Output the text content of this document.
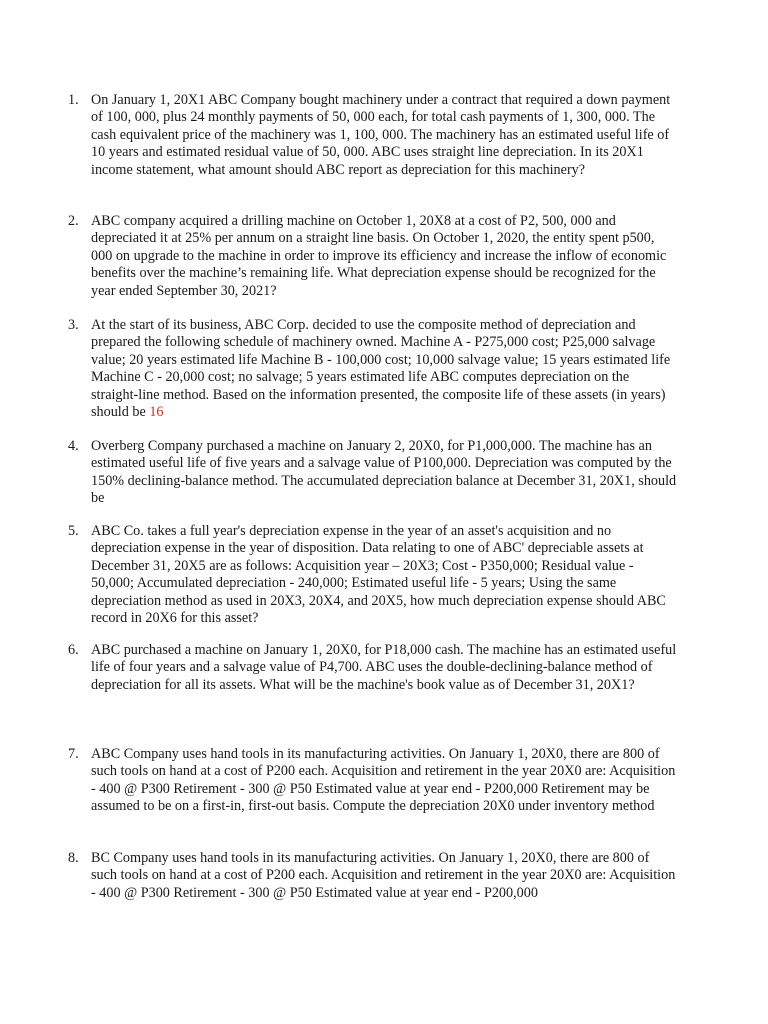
1. On January 1, 20X1 ABC Company bought machinery under a contract that required a down payment of 100, 000, plus 24 monthly payments of 50, 000 each, for total cash payments of 1, 300, 000. The cash equivalent price of the machinery was 1, 100, 000. The machinery has an estimated useful life of 10 years and estimated residual value of 50, 000. ABC uses straight line depreciation. In its 20X1 income statement, what amount should ABC report as depreciation for this machinery?
2. ABC company acquired a drilling machine on October 1, 20X8 at a cost of P2, 500, 000 and depreciated it at 25% per annum on a straight line basis. On October 1, 2020, the entity spent p500, 000 on upgrade to the machine in order to improve its efficiency and increase the inflow of economic benefits over the machine’s remaining life. What depreciation expense should be recognized for the year ended September 30, 2021?
3. At the start of its business, ABC Corp. decided to use the composite method of depreciation and prepared the following schedule of machinery owned. Machine A - P275,000 cost; P25,000 salvage value; 20 years estimated life Machine B - 100,000 cost; 10,000 salvage value; 15 years estimated life Machine C - 20,000 cost; no salvage; 5 years estimated life ABC computes depreciation on the straight-line method. Based on the information presented, the composite life of these assets (in years) should be 16
4. Overberg Company purchased a machine on January 2, 20X0, for P1,000,000. The machine has an estimated useful life of five years and a salvage value of P100,000. Depreciation was computed by the 150% declining-balance method. The accumulated depreciation balance at December 31, 20X1, should be
5. ABC Co. takes a full year's depreciation expense in the year of an asset's acquisition and no depreciation expense in the year of disposition. Data relating to one of ABC' depreciable assets at December 31, 20X5 are as follows: Acquisition year – 20X3; Cost - P350,000; Residual value - 50,000; Accumulated depreciation - 240,000; Estimated useful life - 5 years; Using the same depreciation method as used in 20X3, 20X4, and 20X5, how much depreciation expense should ABC record in 20X6 for this asset?
6. ABC purchased a machine on January 1, 20X0, for P18,000 cash. The machine has an estimated useful life of four years and a salvage value of P4,700. ABC uses the double-declining-balance method of depreciation for all its assets. What will be the machine's book value as of December 31, 20X1?
7. ABC Company uses hand tools in its manufacturing activities. On January 1, 20X0, there are 800 of such tools on hand at a cost of P200 each. Acquisition and retirement in the year 20X0 are: Acquisition - 400 @ P300 Retirement - 300 @ P50 Estimated value at year end - P200,000 Retirement may be assumed to be on a first-in, first-out basis. Compute the depreciation 20X0 under inventory method
8. BC Company uses hand tools in its manufacturing activities. On January 1, 20X0, there are 800 of such tools on hand at a cost of P200 each. Acquisition and retirement in the year 20X0 are: Acquisition - 400 @ P300 Retirement - 300 @ P50 Estimated value at year end - P200,000
